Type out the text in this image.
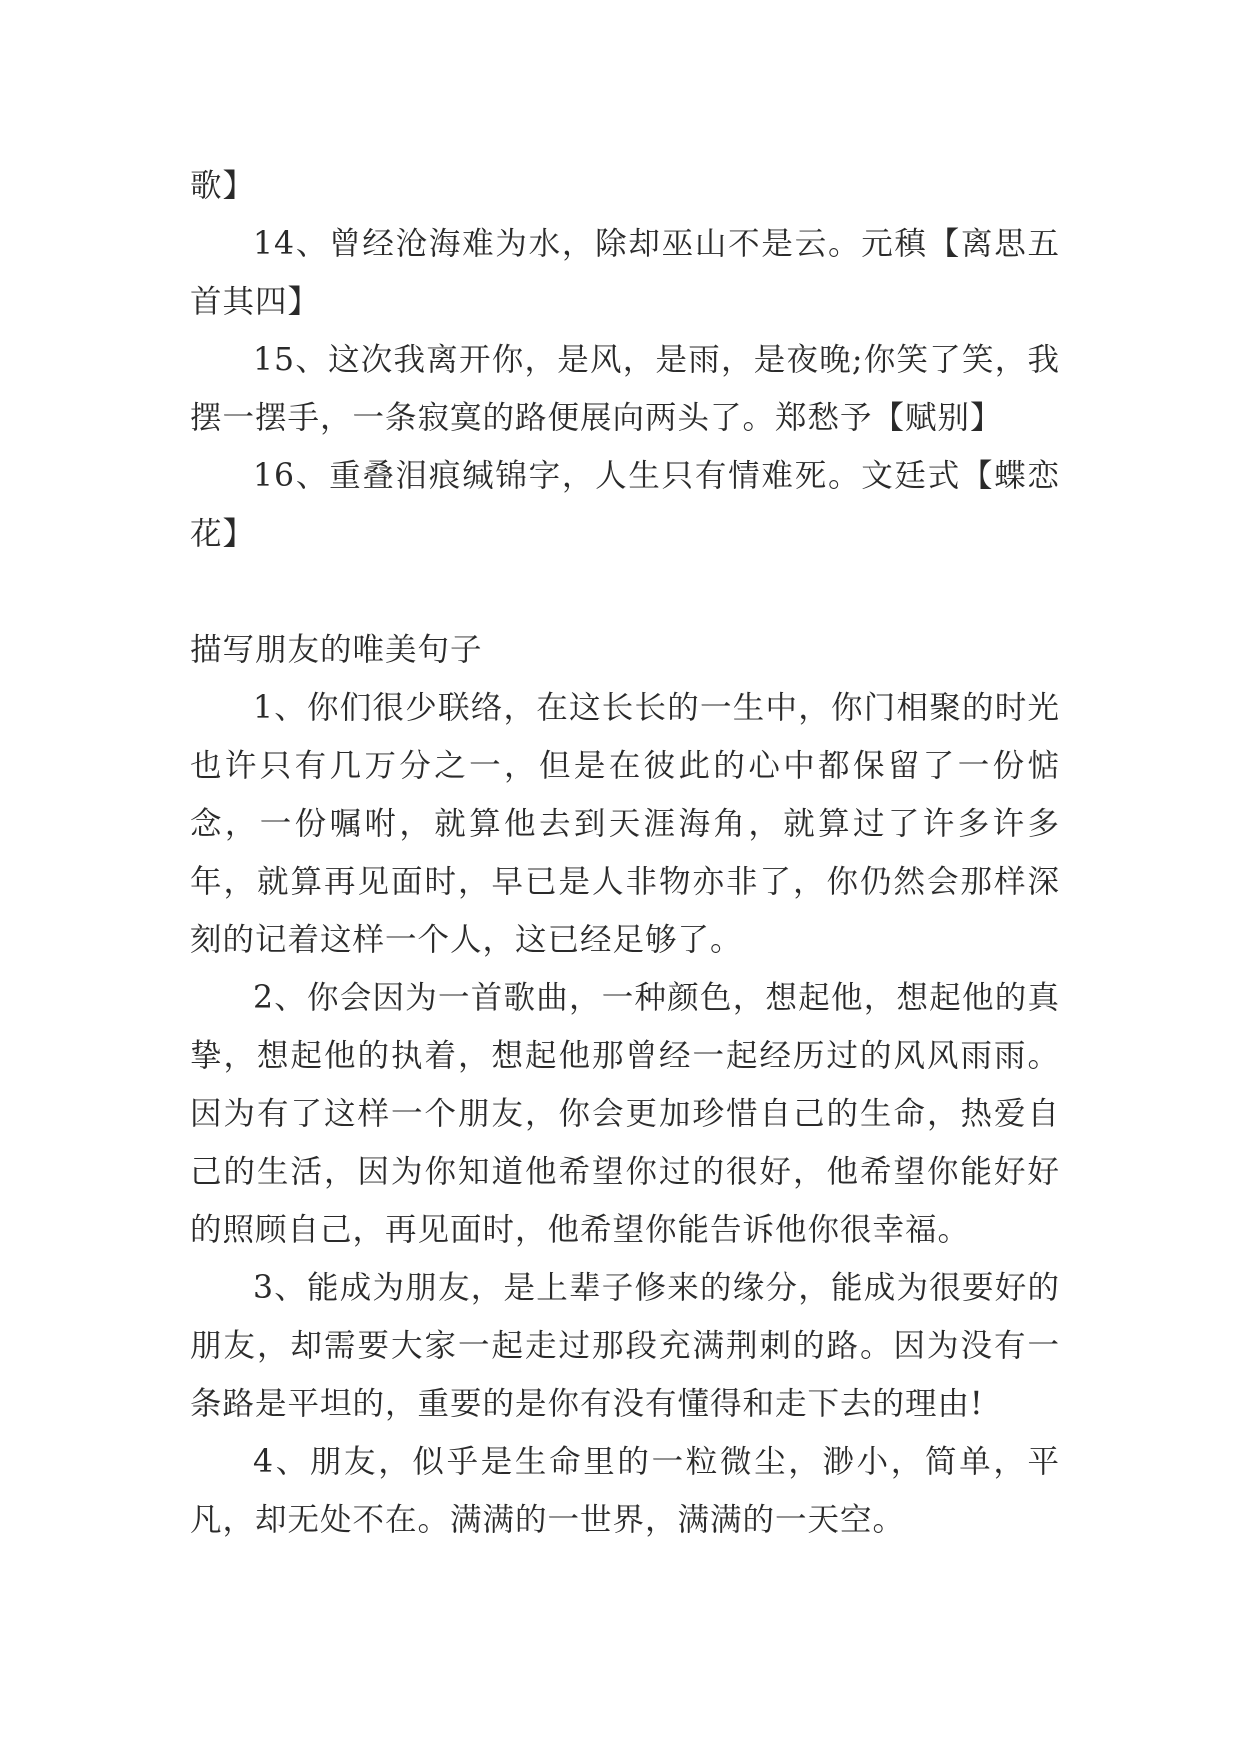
歌】

14、曾经沧海难为水，除却巫山不是云。元稹【离思五首其四】

15、这次我离开你，是风，是雨，是夜晚;你笑了笑，我摆一摆手，一条寂寞的路便展向两头了。郑愁予【赋别】

16、重叠泪痕缄锦字，人生只有情难死。文廷式【蝶恋花】

描写朋友的唯美句子

1、你们很少联络，在这长长的一生中，你门相聚的时光也许只有几万分之一，但是在彼此的心中都保留了一份惦念，一份嘱咐，就算他去到天涯海角，就算过了许多许多年，就算再见面时，早已是人非物亦非了，你仍然会那样深刻的记着这样一个人，这已经足够了。

2、你会因为一首歌曲，一种颜色，想起他，想起他的真挚，想起他的执着，想起他那曾经一起经历过的风风雨雨。因为有了这样一个朋友，你会更加珍惜自己的生命，热爱自己的生活，因为你知道他希望你过的很好，他希望你能好好的照顾自己，再见面时，他希望你能告诉他你很幸福。

3、能成为朋友，是上辈子修来的缘分，能成为很要好的朋友，却需要大家一起走过那段充满荆刺的路。因为没有一条路是平坦的，重要的是你有没有懂得和走下去的理由!

4、朋友，似乎是生命里的一粒微尘，渺小，简单，平凡，却无处不在。满满的一世界，满满的一天空。
